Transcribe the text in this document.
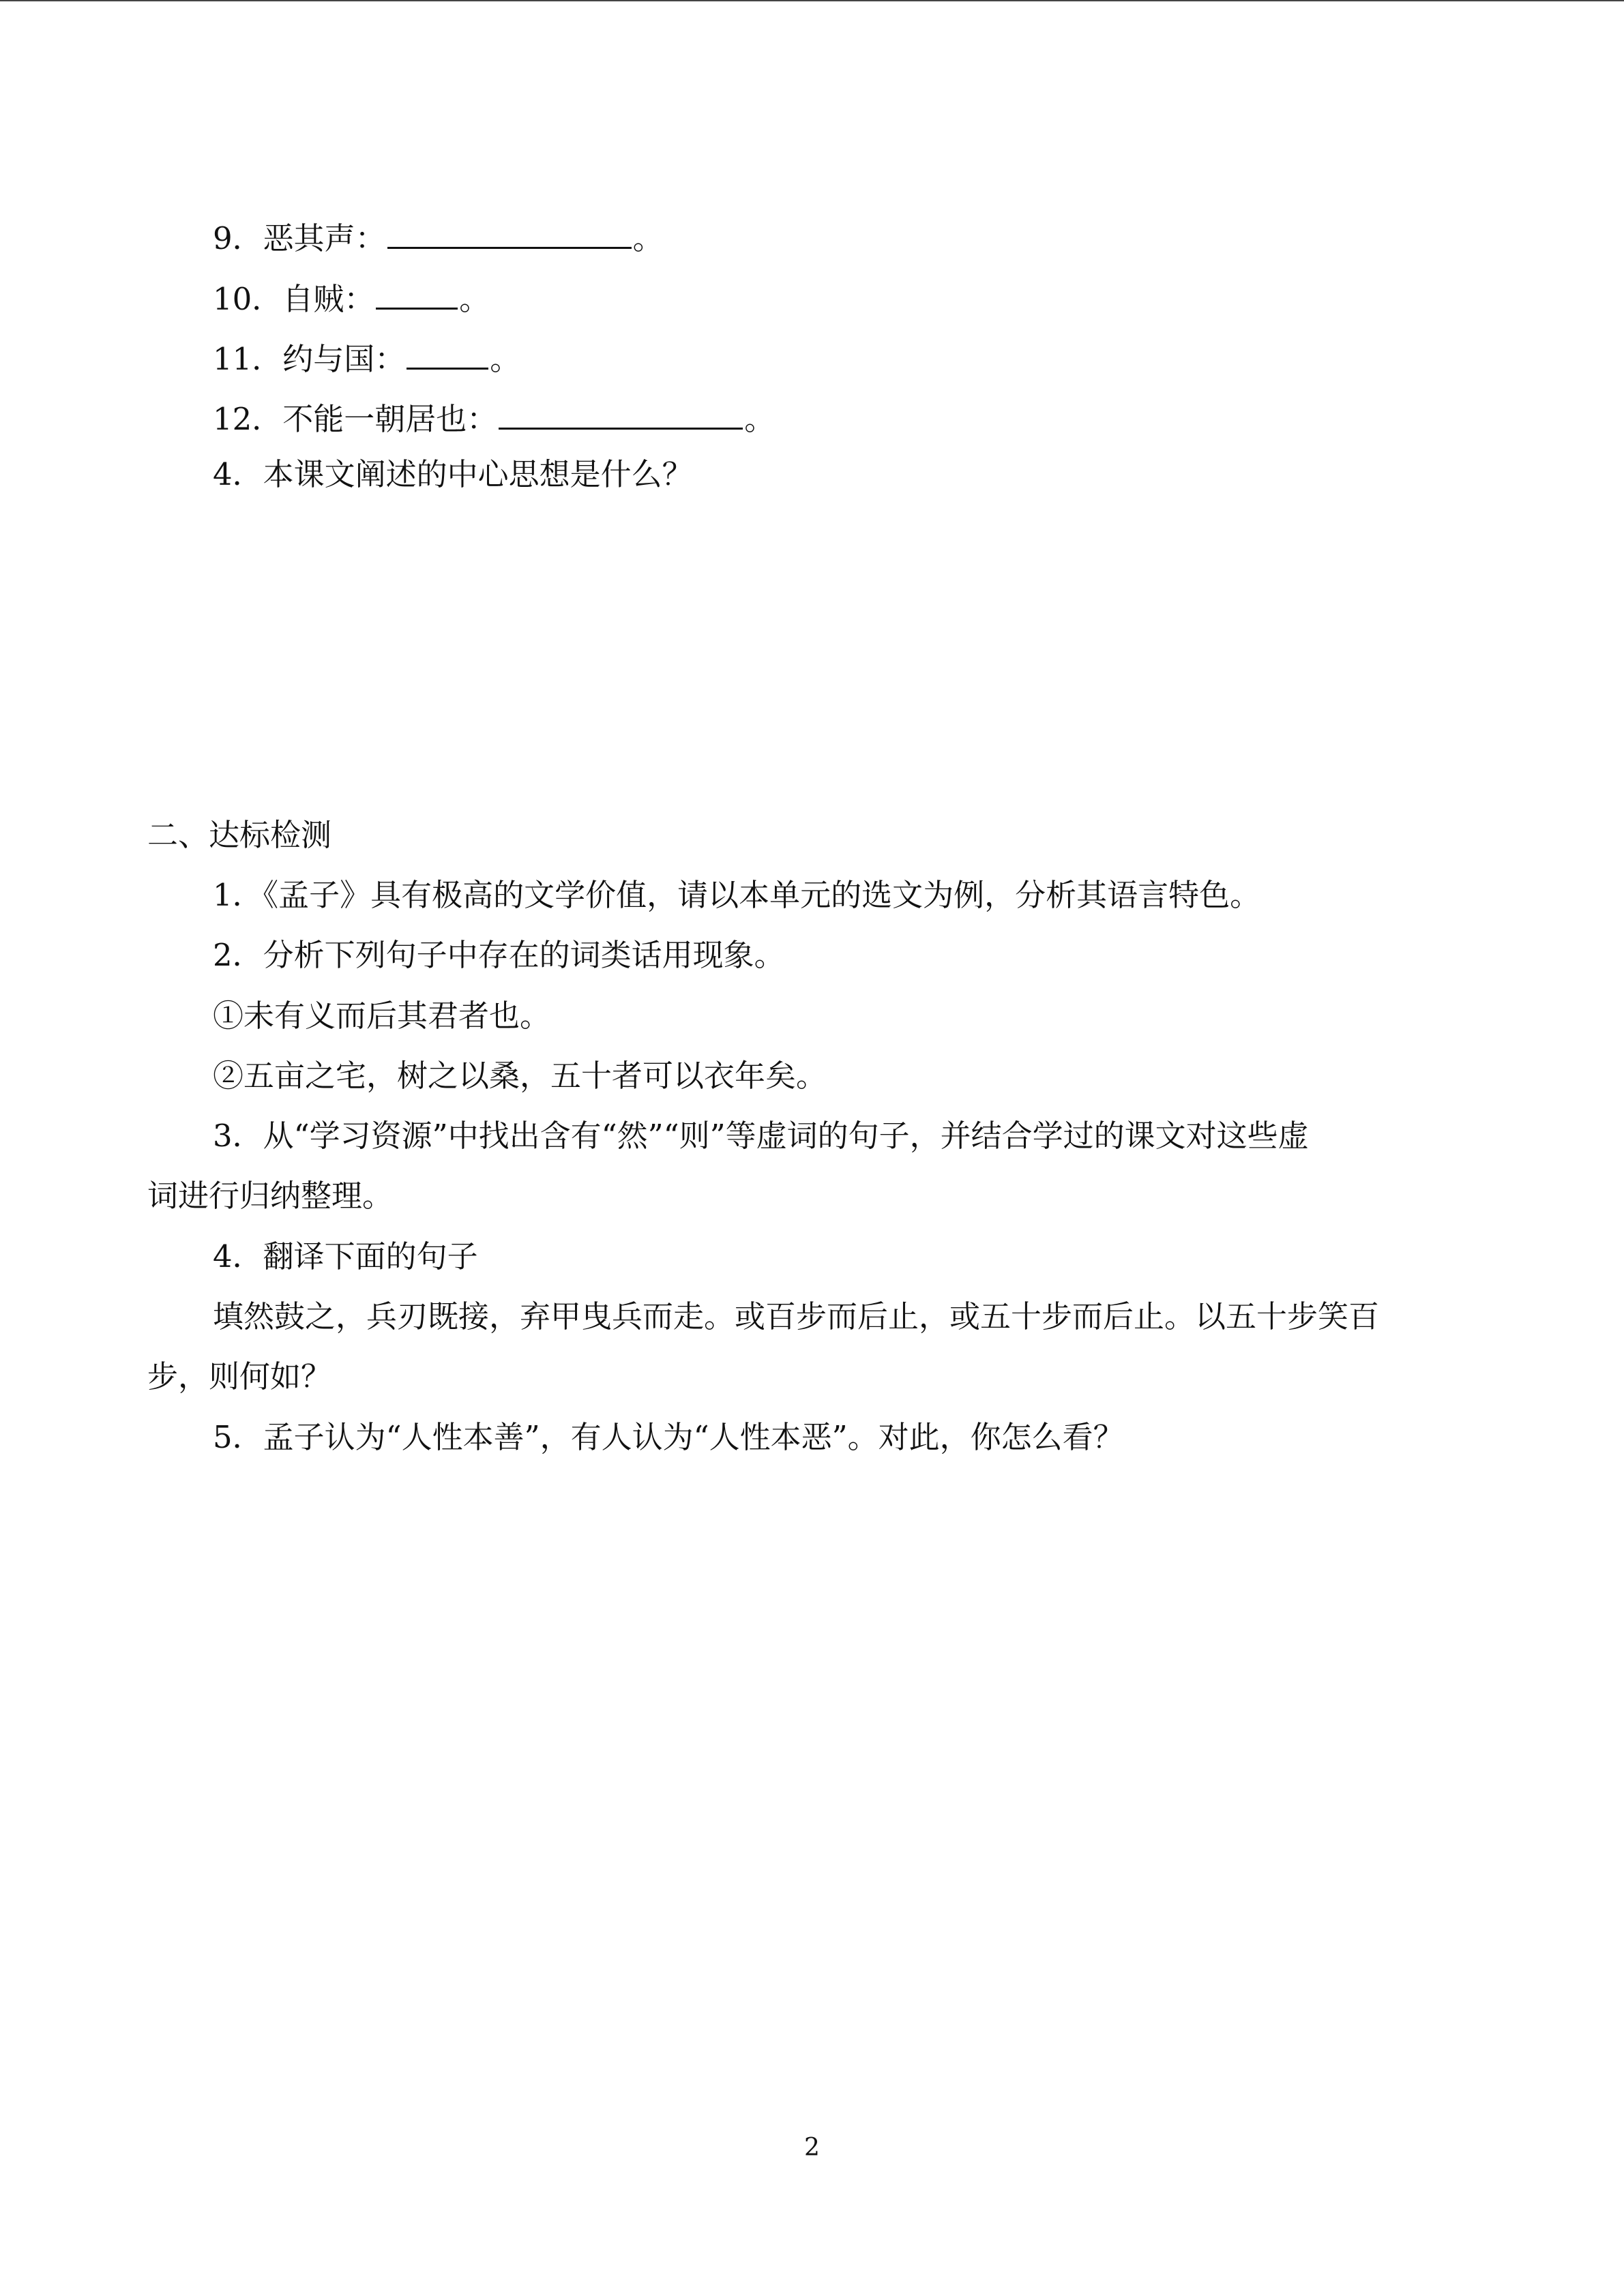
9．恶其声：	。
10．自贼：	。
11．约与国：	。
12．不能一朝居也：	。
4．本课文阐述的中心思想是什么？
二、达标检测
1．《孟子》具有极高的文学价值，请以本单元的选文为例，分析其语言特色。
2．分析下列句子中存在的词类话用现象。
①未有义而后其君者也。
②五亩之宅，树之以桑，五十者可以衣年矣。
3．从“学习资源”中找出含有“然”“则”等虚词的句子，并结合学过的课文对这些虚
词进行归纳整理。
4．翻译下面的句子
填然鼓之，兵刃既接，弃甲曳兵而走。或百步而后止，或五十步而后止。以五十步笑百
步，则何如？
5．孟子认为“人性本善”，有人认为“人性本恶”。对此，你怎么看？
2
